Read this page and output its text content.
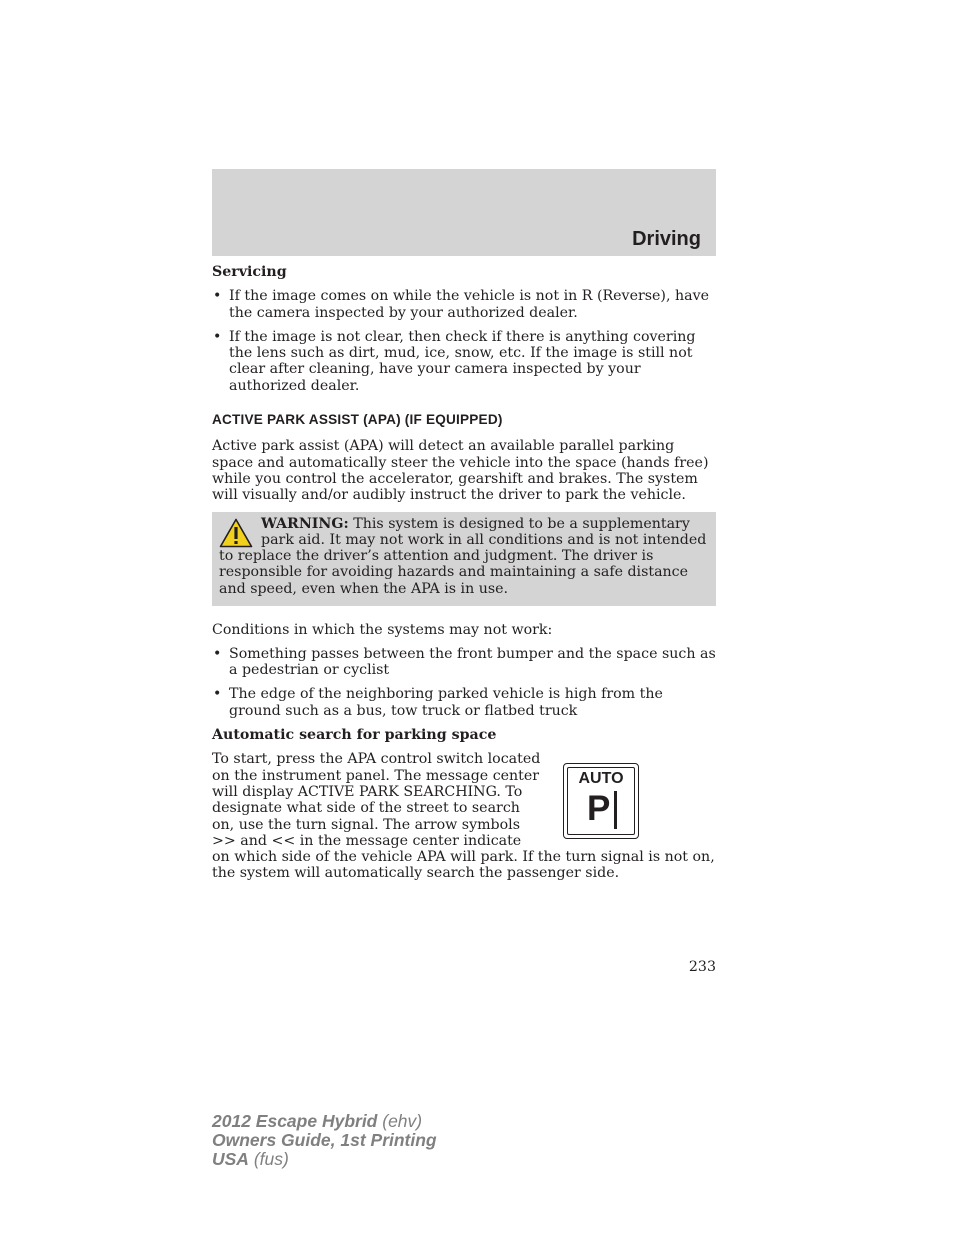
Driving
Servicing
• If the image comes on while the vehicle is not in R (Reverse), have the camera inspected by your authorized dealer.
• If the image is not clear, then check if there is anything covering the lens such as dirt, mud, ice, snow, etc. If the image is still not clear after cleaning, have your camera inspected by your authorized dealer.
ACTIVE PARK ASSIST (APA) (IF EQUIPPED)

Active park assist (APA) will detect an available parallel parking space and automatically steer the vehicle into the space (hands free) while you control the accelerator, gearshift and brakes. The system will visually and/or audibly instruct the driver to park the vehicle.

WARNING: This system is designed to be a supplementary park aid. It may not work in all conditions and is not intended to replace the driver’s attention and judgment. The driver is responsible for avoiding hazards and maintaining a safe distance and speed, even when the APA is in use.

Conditions in which the systems may not work:

• Something passes between the front bumper and the space such as a pedestrian or cyclist
• The edge of the neighboring parked vehicle is high from the ground such as a bus, tow truck or flatbed truck
Automatic search for parking space
AUTO
P

To start, press the APA control switch located on the instrument panel. The message center will display ACTIVE PARK SEARCHING. To designate what side of the street to search on, use the turn signal. The arrow symbols >> and << in the message center indicate on which side of the vehicle APA will park. If the turn signal is not on, the system will automatically search the passenger side.

233
2012 Escape Hybrid (ehv)
Owners Guide, 1st Printing
USA (fus)
